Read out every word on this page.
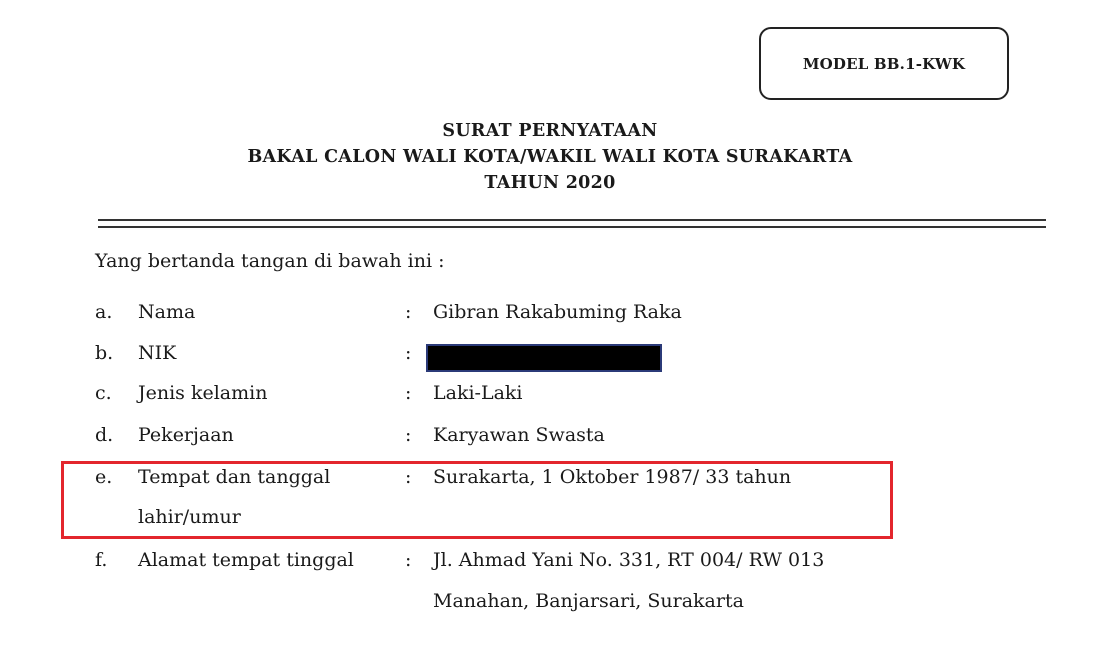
MODEL BB.1-KWK
SURAT PERNYATAAN
BAKAL CALON WALI KOTA/WAKIL WALI KOTA SURAKARTA
TAHUN 2020
Yang bertanda tangan di bawah ini :
a. Nama	: Gibran Rakabuming Raka
b. NIK	:
c. Jenis kelamin	: Laki-Laki
d. Pekerjaan	: Karyawan Swasta
e. Tempat dan tanggal	: Surakarta, 1 Oktober 1987/ 33 tahun
lahir/umur
f. Alamat tempat tinggal	: Jl. Ahmad Yani No. 331, RT 004/ RW 013
Manahan, Banjarsari, Surakarta
